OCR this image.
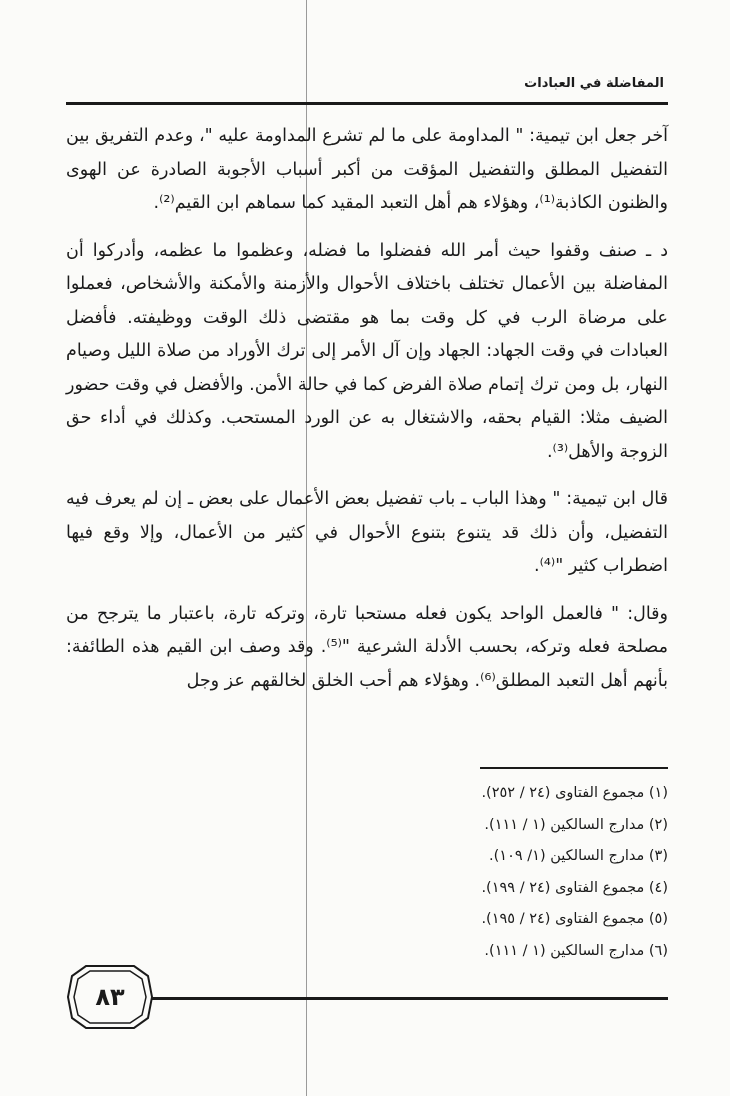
المفاضلة في العبادات

آخر جعل ابن تيمية: " المداومة على ما لم تشرع المداومة عليه "، وعدم التفريق بين التفضيل المطلق والتفضيل المؤقت من أكبر أسباب الأجوبة الصادرة عن الهوى والظنون الكاذبة⁽¹⁾، وهؤلاء هم أهل التعبد المقيد كما سماهم ابن القيم⁽²⁾.

د ـ صنف وقفوا حيث أمر الله ففضلوا ما فضله، وعظموا ما عظمه، وأدركوا أن المفاضلة بين الأعمال تختلف باختلاف الأحوال والأزمنة والأمكنة والأشخاص، فعملوا على مرضاة الرب في كل وقت بما هو مقتضى ذلك الوقت ووظيفته. فأفضل العبادات في وقت الجهاد: الجهاد وإن آل الأمر إلى ترك الأوراد من صلاة الليل وصيام النهار، بل ومن ترك إتمام صلاة الفرض كما في حالة الأمن. والأفضل في وقت حضور الضيف مثلا: القيام بحقه، والاشتغال به عن الورد المستحب. وكذلك في أداء حق الزوجة والأهل⁽³⁾.

قال ابن تيمية: " وهذا الباب ـ باب تفضيل بعض الأعمال على بعض ـ إن لم يعرف فيه التفضيل، وأن ذلك قد يتنوع بتنوع الأحوال في كثير من الأعمال، وإلا وقع فيها اضطراب كثير "⁽⁴⁾.

وقال: " فالعمل الواحد يكون فعله مستحبا تارة، وتركه تارة، باعتبار ما يترجح من مصلحة فعله وتركه، بحسب الأدلة الشرعية "⁽⁵⁾. وقد وصف ابن القيم هذه الطائفة: بأنهم أهل التعبد المطلق⁽⁶⁾. وهؤلاء هم أحب الخلق لخالقهم عز وجل

(١) مجموع الفتاوى (٢٤ / ٢٥٢).
(٢) مدارج السالكين (١ / ١١١).
(٣) مدارج السالكين (١/ ١٠٩).
(٤) مجموع الفتاوى (٢٤ / ١٩٩).
(٥) مجموع الفتاوى (٢٤ / ١٩٥).
(٦) مدارج السالكين (١ / ١١١).
٨٣
